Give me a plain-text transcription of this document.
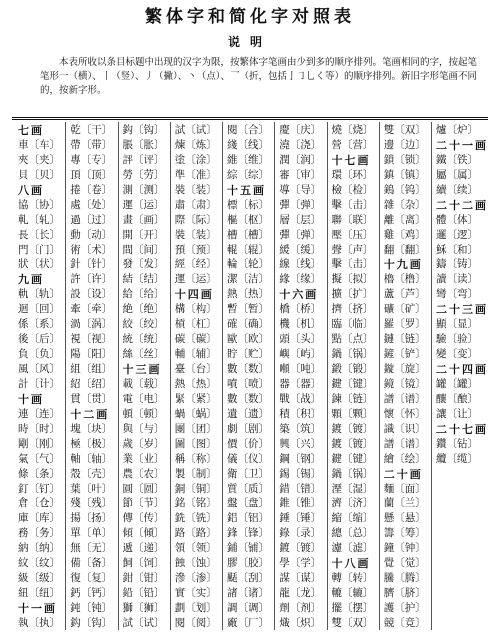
繁体字和简化字对照表
说明

本表所收以条目标题中出现的汉字为限，按繁体字笔画由少到多的顺序排列。笔画相同的字，按起笔笔形一（横）、丨（竖）、丿（撇）、丶（点）、乛（折，包括亅㇆乚く等）的顺序排列。新旧字形笔画不同的，按新字形。

七画
車〔车〕
夾〔夹〕
貝〔贝〕
八画
協〔协〕
軋〔轧〕
長〔长〕
門〔门〕
狀〔状〕
九画
軌〔轨〕
迴〔回〕
係〔系〕
後〔后〕
負〔负〕
風〔风〕
計〔计〕
十画
連〔连〕
時〔时〕
剛〔刚〕
氣〔气〕
條〔条〕
釘〔钉〕
倉〔仓〕
庫〔库〕
務〔务〕
納〔纳〕
紋〔纹〕
級〔级〕
紐〔纽〕
十一画
執〔执〕
乾〔干〕
帶〔带〕
專〔专〕
頂〔顶〕
捲〔卷〕
處〔处〕
過〔过〕
動〔动〕
術〔术〕
針〔针〕
許〔许〕
設〔设〕
牽〔牵〕
渦〔涡〕
視〔视〕
陽〔阳〕
組〔组〕
紹〔绍〕
貫〔贯〕
十二画
塊〔块〕
極〔极〕
軸〔轴〕
殼〔壳〕
葉〔叶〕
殘〔残〕
揚〔扬〕
單〔单〕
無〔无〕
備〔备〕
復〔复〕
鈣〔钙〕
鈍〔钝〕
鈎〔钩〕
鈎〔钩〕
脹〔胀〕
評〔评〕
勞〔劳〕
測〔测〕
運〔运〕
畫〔画〕
開〔开〕
間〔间〕
發〔发〕
結〔结〕
給〔给〕
絶〔绝〕
絞〔绞〕
統〔统〕
絲〔丝〕
十三画
載〔载〕
電〔电〕
頓〔顿〕
與〔与〕
歲〔岁〕
業〔业〕
農〔农〕
圓〔圆〕
節〔节〕
傳〔传〕
傾〔倾〕
遞〔递〕
飼〔饲〕
鉗〔钳〕
鉛〔铅〕
獅〔狮〕
試〔试〕
試〔试〕
煉〔炼〕
塗〔涂〕
準〔准〕
裝〔装〕
肅〔肃〕
際〔际〕
裝〔装〕
預〔预〕
經〔经〕
運〔运〕
十四画
構〔构〕
槓〔杠〕
碳〔碳〕
輔〔辅〕
臺〔台〕
熱〔热〕
緊〔紧〕
蝸〔蜗〕
團〔团〕
圖〔图〕
稱〔称〕
製〔制〕
銅〔铜〕
銘〔铭〕
銑〔铣〕
路〔路〕
領〔领〕
蝕〔蚀〕
滲〔渗〕
實〔实〕
劃〔划〕
閱〔阅〕
閱〔合〕
綫〔线〕
維〔维〕
綜〔综〕
十五画
標〔标〕
樞〔枢〕
槽〔槽〕
輥〔辊〕
輪〔轮〕
潔〔洁〕
熱〔热〕
暫〔暂〕
確〔确〕
歐〔欧〕
貯〔贮〕
數〔数〕
噴〔喷〕
數〔数〕
遺〔遗〕
劇〔剧〕
價〔价〕
儀〔仪〕
衛〔卫〕
質〔质〕
盤〔盘〕
鋁〔铝〕
鋒〔锋〕
鋪〔铺〕
膠〔胶〕
颳〔刮〕
諸〔诸〕
調〔调〕
廠〔厂〕
慶〔庆〕
澆〔浇〕
潤〔润〕
審〔审〕
導〔导〕
彈〔弹〕
層〔层〕
彈〔弹〕
緩〔缓〕
線〔线〕
緣〔缘〕
十六画
橋〔桥〕
機〔机〕
頭〔头〕
嶼〔屿〕
噸〔吨〕
器〔器〕
戰〔战〕
積〔积〕
築〔筑〕
興〔兴〕
鋼〔钢〕
錫〔锡〕
錯〔错〕
錐〔锥〕
錘〔锤〕
錄〔录〕
鍍〔镀〕
學〔学〕
謀〔谋〕
龍〔龙〕
劑〔剂〕
熾〔炽〕
燒〔烧〕
營〔营〕
十七画
環〔环〕
檢〔检〕
擊〔击〕
聯〔联〕
壓〔压〕
聲〔声〕
擊〔击〕
擬〔拟〕
擴〔扩〕
擠〔挤〕
臨〔临〕
點〔点〕
鍋〔锅〕
鍛〔锻〕
鍵〔键〕
鍊〔链〕
顆〔颗〕
鍍〔镀〕
鍍〔镀〕
鍵〔键〕
鍋〔锅〕
溼〔湿〕
濟〔济〕
縮〔缩〕
總〔总〕
濾〔滤〕
十八画
轉〔转〕
轆〔辘〕
擺〔摆〕
雙〔双〕
雙〔双〕
邊〔边〕
鎖〔锁〕
鎮〔镇〕
鎢〔钨〕
雜〔杂〕
離〔离〕
雞〔鸡〕
翻〔翻〕
十九画
櫓〔橹〕
蘆〔芦〕
礦〔矿〕
羅〔罗〕
鏈〔链〕
鏟〔铲〕
鏇〔旋〕
鏡〔镜〕
譜〔谱〕
懷〔怀〕
識〔识〕
譜〔谱〕
繪〔绘〕
二十画
麵〔面〕
蘭〔兰〕
懸〔悬〕
籌〔筹〕
鐘〔钟〕
覺〔觉〕
騰〔腾〕
臍〔脐〕
護〔护〕
競〔竞〕
爐〔炉〕
二十一画
鐵〔铁〕
屬〔属〕
續〔续〕
二十二画
體〔体〕
邏〔逻〕
穌〔和〕
鑄〔铸〕
讀〔读〕
彎〔弯〕
二十三画
顯〔显〕
驗〔验〕
變〔变〕
二十四画
罐〔罐〕
釀〔酿〕
讓〔让〕
二十七画
鑽〔钻〕
纜〔缆〕
